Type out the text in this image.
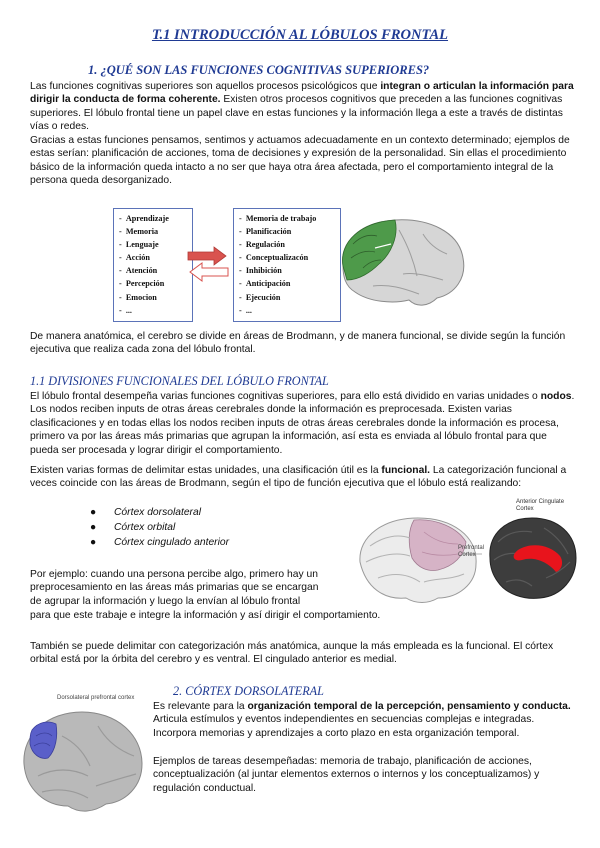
T.1 INTRODUCCIÓN AL LÓBULOS FRONTAL
1. ¿QUÉ SON LAS FUNCIONES COGNITIVAS SUPERIORES?

Las funciones cognitivas superiores son aquellos procesos psicológicos que integran o articulan la información para dirigir la conducta de forma coherente. Existen otros procesos cognitivos que preceden a las funciones cognitivas superiores. El lóbulo frontal tiene un papel clave en estas funciones y la información llega a este a través de distintas vías o redes.

Gracias a estas funciones pensamos, sentimos y actuamos adecuadamente en un contexto determinado; ejemplos de estas serían: planificación de acciones, toma de decisiones y expresión de la personalidad. Sin ellas el procedimiento básico de la información queda intacto a no ser que haya otra área afectada, pero el comportamiento integral de la persona queda desorganizado.

-  Aprendizaje
-  Memoria
-  Lenguaje
-  Acción
-  Atención
-  Percepción
-  Emocion
-  ...
-  Memoria de trabajo
-  Planificación
-  Regulación
-  Conceptualizacón
-  Inhibición
-  Anticipación
-  Ejecución
-  ...

De manera anatómica, el cerebro se divide en áreas de Brodmann, y de manera funcional, se divide según la función ejecutiva que realiza cada zona del lóbulo frontal.

1.1 DIVISIONES FUNCIONALES DEL LÓBULO FRONTAL

El lóbulo frontal desempeña varias funciones cognitivas superiores, para ello está dividido en varias unidades o nodos. Los nodos reciben inputs de otras áreas cerebrales donde la información es preprocesada. Existen varias clasificaciones y en todas ellas los nodos reciben inputs de otras áreas cerebrales donde la información es procesa, primero va por las áreas más primarias que agrupan la información, así esta es enviada al lóbulo frontal para que pueda ser procesada y lograr dirigir el comportamiento.

Existen varias formas de delimitar estas unidades, una clasificación útil es la funcional. La categorización funcional a veces coincide con las áreas de Brodmann, según el tipo de función ejecutiva que el lóbulo está realizando:

● Córtex dorsolateral
● Córtex orbital
● Córtex cingulado anterior	Prefrontal Cortex
Anterior Cingulate Cortex
Por ejemplo: cuando una persona percibe algo, primero hay un
preprocesamiento en las áreas más primarias que se encargan
de agrupar la información y luego la envían al lóbulo frontal
para que este trabaje e integre la información y así dirigir el comportamiento.

También se puede delimitar con categorización más anatómica, aunque la más empleada es la funcional. El córtex orbital está por la órbita del cerebro y es ventral. El cingulado anterior es medial.

2. CÓRTEX DORSOLATERAL
Dorsolateral prefrontal cortex

Es relevante para la organización temporal de la percepción, pensamiento y conducta. Articula estímulos y eventos independientes en secuencias complejas e integradas. Incorpora memorias y aprendizajes a corto plazo en esta organización temporal.

Ejemplos de tareas desempeñadas: memoria de trabajo, planificación de acciones, conceptualización (al juntar elementos externos o internos y los conceptualizamos) y regulación conductual.
